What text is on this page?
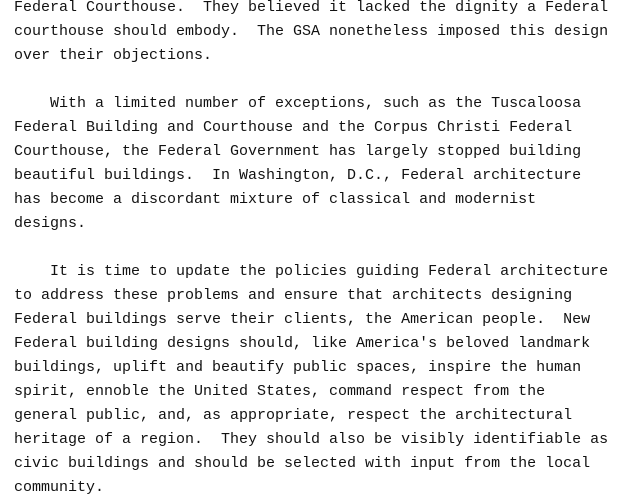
Federal Courthouse.  They believed it lacked the dignity a Federal
courthouse should embody.  The GSA nonetheless imposed this design
over their objections.
With a limited number of exceptions, such as the Tuscaloosa
Federal Building and Courthouse and the Corpus Christi Federal
Courthouse, the Federal Government has largely stopped building
beautiful buildings.  In Washington, D.C., Federal architecture
has become a discordant mixture of classical and modernist
designs.
It is time to update the policies guiding Federal architecture
to address these problems and ensure that architects designing
Federal buildings serve their clients, the American people.  New
Federal building designs should, like America's beloved landmark
buildings, uplift and beautify public spaces, inspire the human
spirit, ennoble the United States, command respect from the
general public, and, as appropriate, respect the architectural
heritage of a region.  They should also be visibly identifiable as
civic buildings and should be selected with input from the local
community.
